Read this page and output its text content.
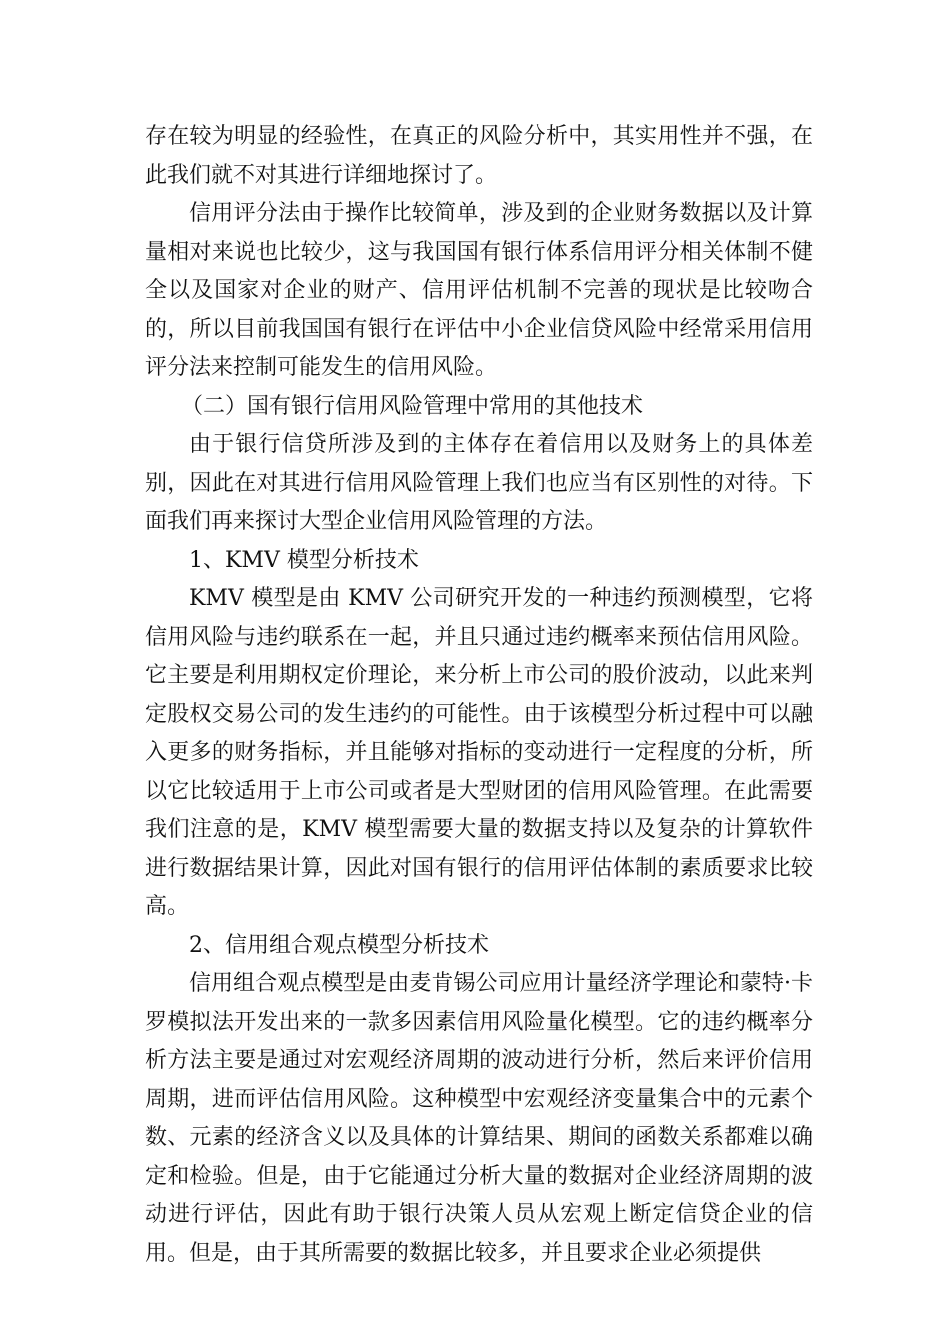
存在较为明显的经验性，在真正的风险分析中，其实用性并不强，在此我们就不对其进行详细地探讨了。

信用评分法由于操作比较简单，涉及到的企业财务数据以及计算量相对来说也比较少，这与我国国有银行体系信用评分相关体制不健全以及国家对企业的财产、信用评估机制不完善的现状是比较吻合的，所以目前我国国有银行在评估中小企业信贷风险中经常采用信用评分法来控制可能发生的信用风险。

（二）国有银行信用风险管理中常用的其他技术

由于银行信贷所涉及到的主体存在着信用以及财务上的具体差别，因此在对其进行信用风险管理上我们也应当有区别性的对待。下面我们再来探讨大型企业信用风险管理的方法。

1、KMV 模型分析技术

KMV 模型是由 KMV 公司研究开发的一种违约预测模型，它将信用风险与违约联系在一起，并且只通过违约概率来预估信用风险。它主要是利用期权定价理论，来分析上市公司的股价波动，以此来判定股权交易公司的发生违约的可能性。由于该模型分析过程中可以融入更多的财务指标，并且能够对指标的变动进行一定程度的分析，所以它比较适用于上市公司或者是大型财团的信用风险管理。在此需要我们注意的是，KMV 模型需要大量的数据支持以及复杂的计算软件进行数据结果计算，因此对国有银行的信用评估体制的素质要求比较高。

2、信用组合观点模型分析技术

信用组合观点模型是由麦肯锡公司应用计量经济学理论和蒙特·卡罗模拟法开发出来的一款多因素信用风险量化模型。它的违约概率分析方法主要是通过对宏观经济周期的波动进行分析，然后来评价信用周期，进而评估信用风险。这种模型中宏观经济变量集合中的元素个数、元素的经济含义以及具体的计算结果、期间的函数关系都难以确定和检验。但是，由于它能通过分析大量的数据对企业经济周期的波动进行评估，因此有助于银行决策人员从宏观上断定信贷企业的信用。但是，由于其所需要的数据比较多，并且要求企业必须提供
